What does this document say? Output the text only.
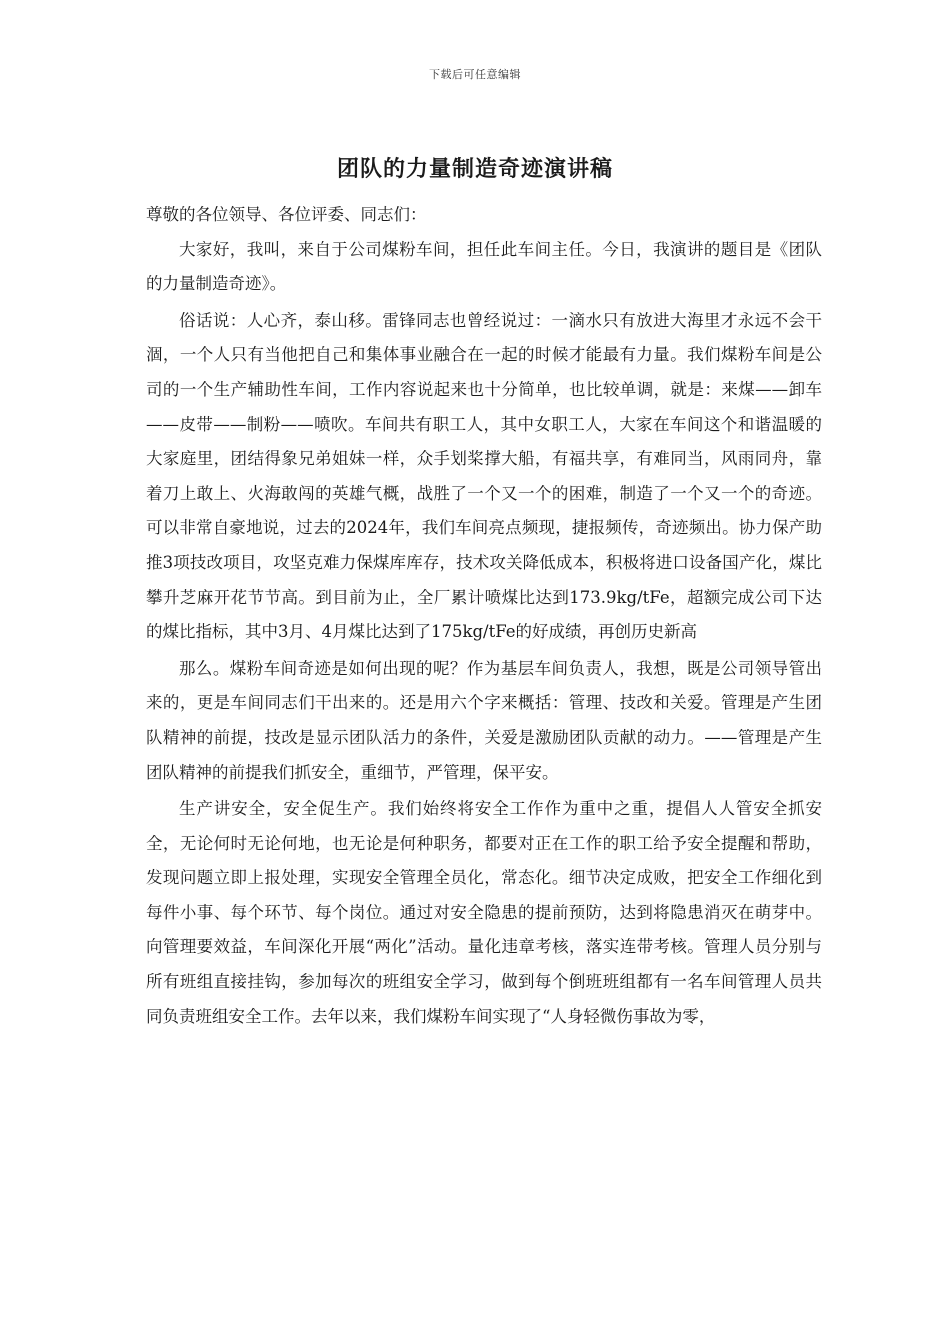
下载后可任意编辑
团队的力量制造奇迹演讲稿

尊敬的各位领导、各位评委、同志们：

大家好，我叫，来自于公司煤粉车间，担任此车间主任。今日，我演讲的题目是《团队的力量制造奇迹》。

俗话说：人心齐，泰山移。雷锋同志也曾经说过：一滴水只有放进大海里才永远不会干涸，一个人只有当他把自己和集体事业融合在一起的时候才能最有力量。我们煤粉车间是公司的一个生产辅助性车间，工作内容说起来也十分简单，也比较单调，就是：来煤——卸车——皮带——制粉——喷吹。车间共有职工人，其中女职工人，大家在车间这个和谐温暖的大家庭里，团结得象兄弟姐妹一样，众手划桨撑大船，有福共享，有难同当，风雨同舟，靠着刀上敢上、火海敢闯的英雄气概，战胜了一个又一个的困难，制造了一个又一个的奇迹。可以非常自豪地说，过去的2024年，我们车间亮点频现，捷报频传，奇迹频出。协力保产助推3项技改项目，攻坚克难力保煤库库存，技术攻关降低成本，积极将进口设备国产化，煤比攀升芝麻开花节节高。到目前为止，全厂累计喷煤比达到173.9kg/tFe，超额完成公司下达的煤比指标，其中3月、4月煤比达到了175kg/tFe的好成绩，再创历史新高

那么。煤粉车间奇迹是如何出现的呢？作为基层车间负责人，我想，既是公司领导管出来的，更是车间同志们干出来的。还是用六个字来概括：管理、技改和关爱。管理是产生团队精神的前提，技改是显示团队活力的条件，关爱是激励团队贡献的动力。——管理是产生团队精神的前提我们抓安全，重细节，严管理，保平安。

生产讲安全，安全促生产。我们始终将安全工作作为重中之重，提倡人人管安全抓安全，无论何时无论何地，也无论是何种职务，都要对正在工作的职工给予安全提醒和帮助，发现问题立即上报处理，实现安全管理全员化，常态化。细节决定成败，把安全工作细化到每件小事、每个环节、每个岗位。通过对安全隐患的提前预防，达到将隐患消灭在萌芽中。向管理要效益，车间深化开展“两化”活动。量化违章考核，落实连带考核。管理人员分别与所有班组直接挂钩，参加每次的班组安全学习，做到每个倒班班组都有一名车间管理人员共同负责班组安全工作。去年以来，我们煤粉车间实现了“人身轻微伤事故为零，
